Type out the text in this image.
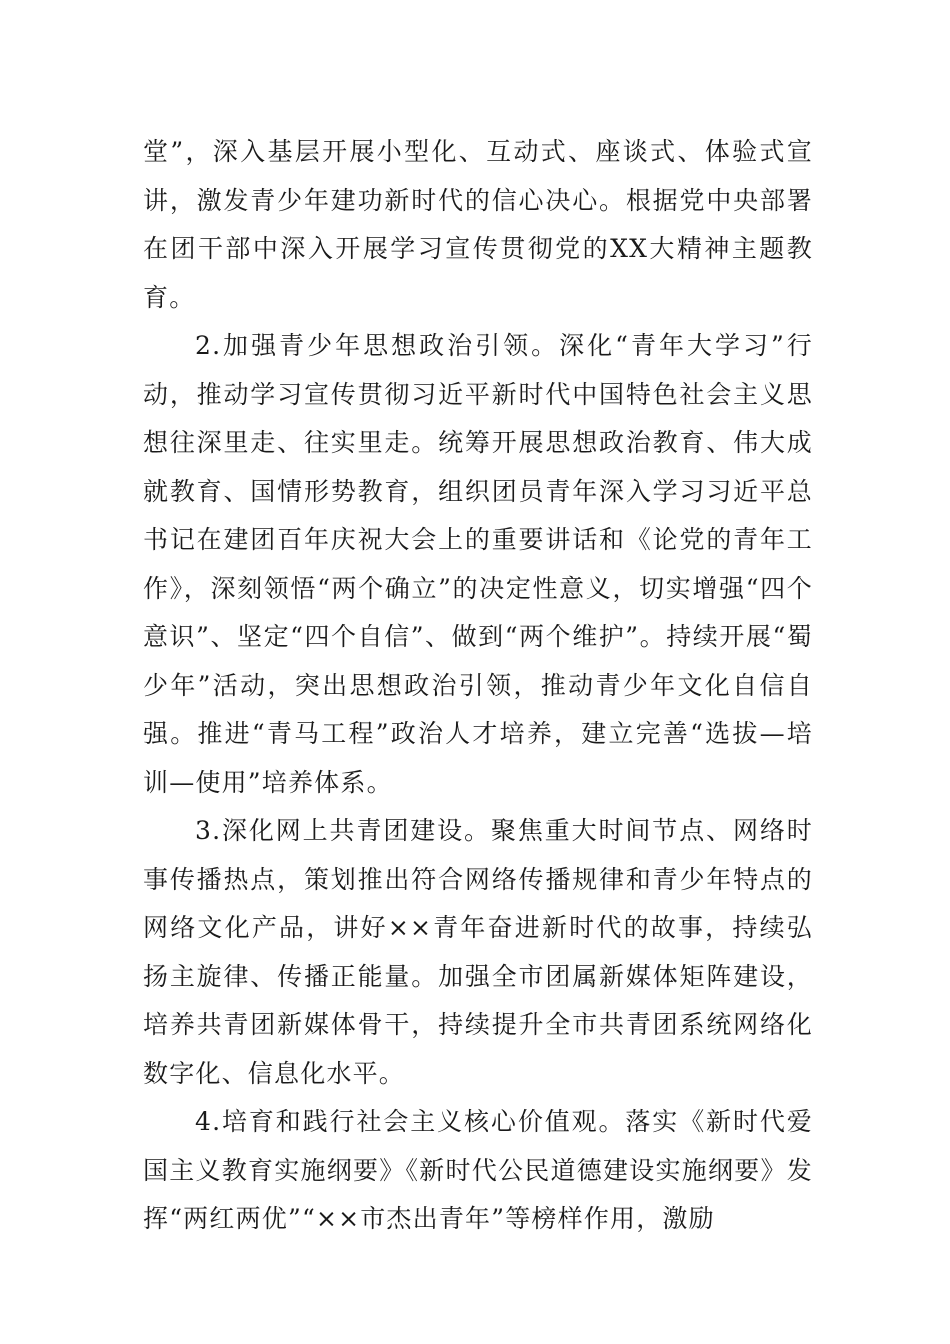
堂”，深入基层开展小型化、互动式、座谈式、体验式宣讲，激发青少年建功新时代的信心决心。根据党中央部署在团干部中深入开展学习宣传贯彻党的XX大精神主题教育。

2.加强青少年思想政治引领。深化“青年大学习”行动，推动学习宣传贯彻习近平新时代中国特色社会主义思想往深里走、往实里走。统筹开展思想政治教育、伟大成就教育、国情形势教育，组织团员青年深入学习习近平总书记在建团百年庆祝大会上的重要讲话和《论党的青年工作》，深刻领悟“两个确立”的决定性意义，切实增强“四个意识”、坚定“四个自信”、做到“两个维护”。持续开展“蜀少年”活动，突出思想政治引领，推动青少年文化自信自强。推进“青马工程”政治人才培养，建立完善“选拔—培训—使用”培养体系。

3.深化网上共青团建设。聚焦重大时间节点、网络时事传播热点，策划推出符合网络传播规律和青少年特点的网络文化产品，讲好××青年奋进新时代的故事，持续弘扬主旋律、传播正能量。加强全市团属新媒体矩阵建设，培养共青团新媒体骨干，持续提升全市共青团系统网络化数字化、信息化水平。

4.培育和践行社会主义核心价值观。落实《新时代爱国主义教育实施纲要》《新时代公民道德建设实施纲要》发挥“两红两优”“××市杰出青年”等榜样作用，激励
